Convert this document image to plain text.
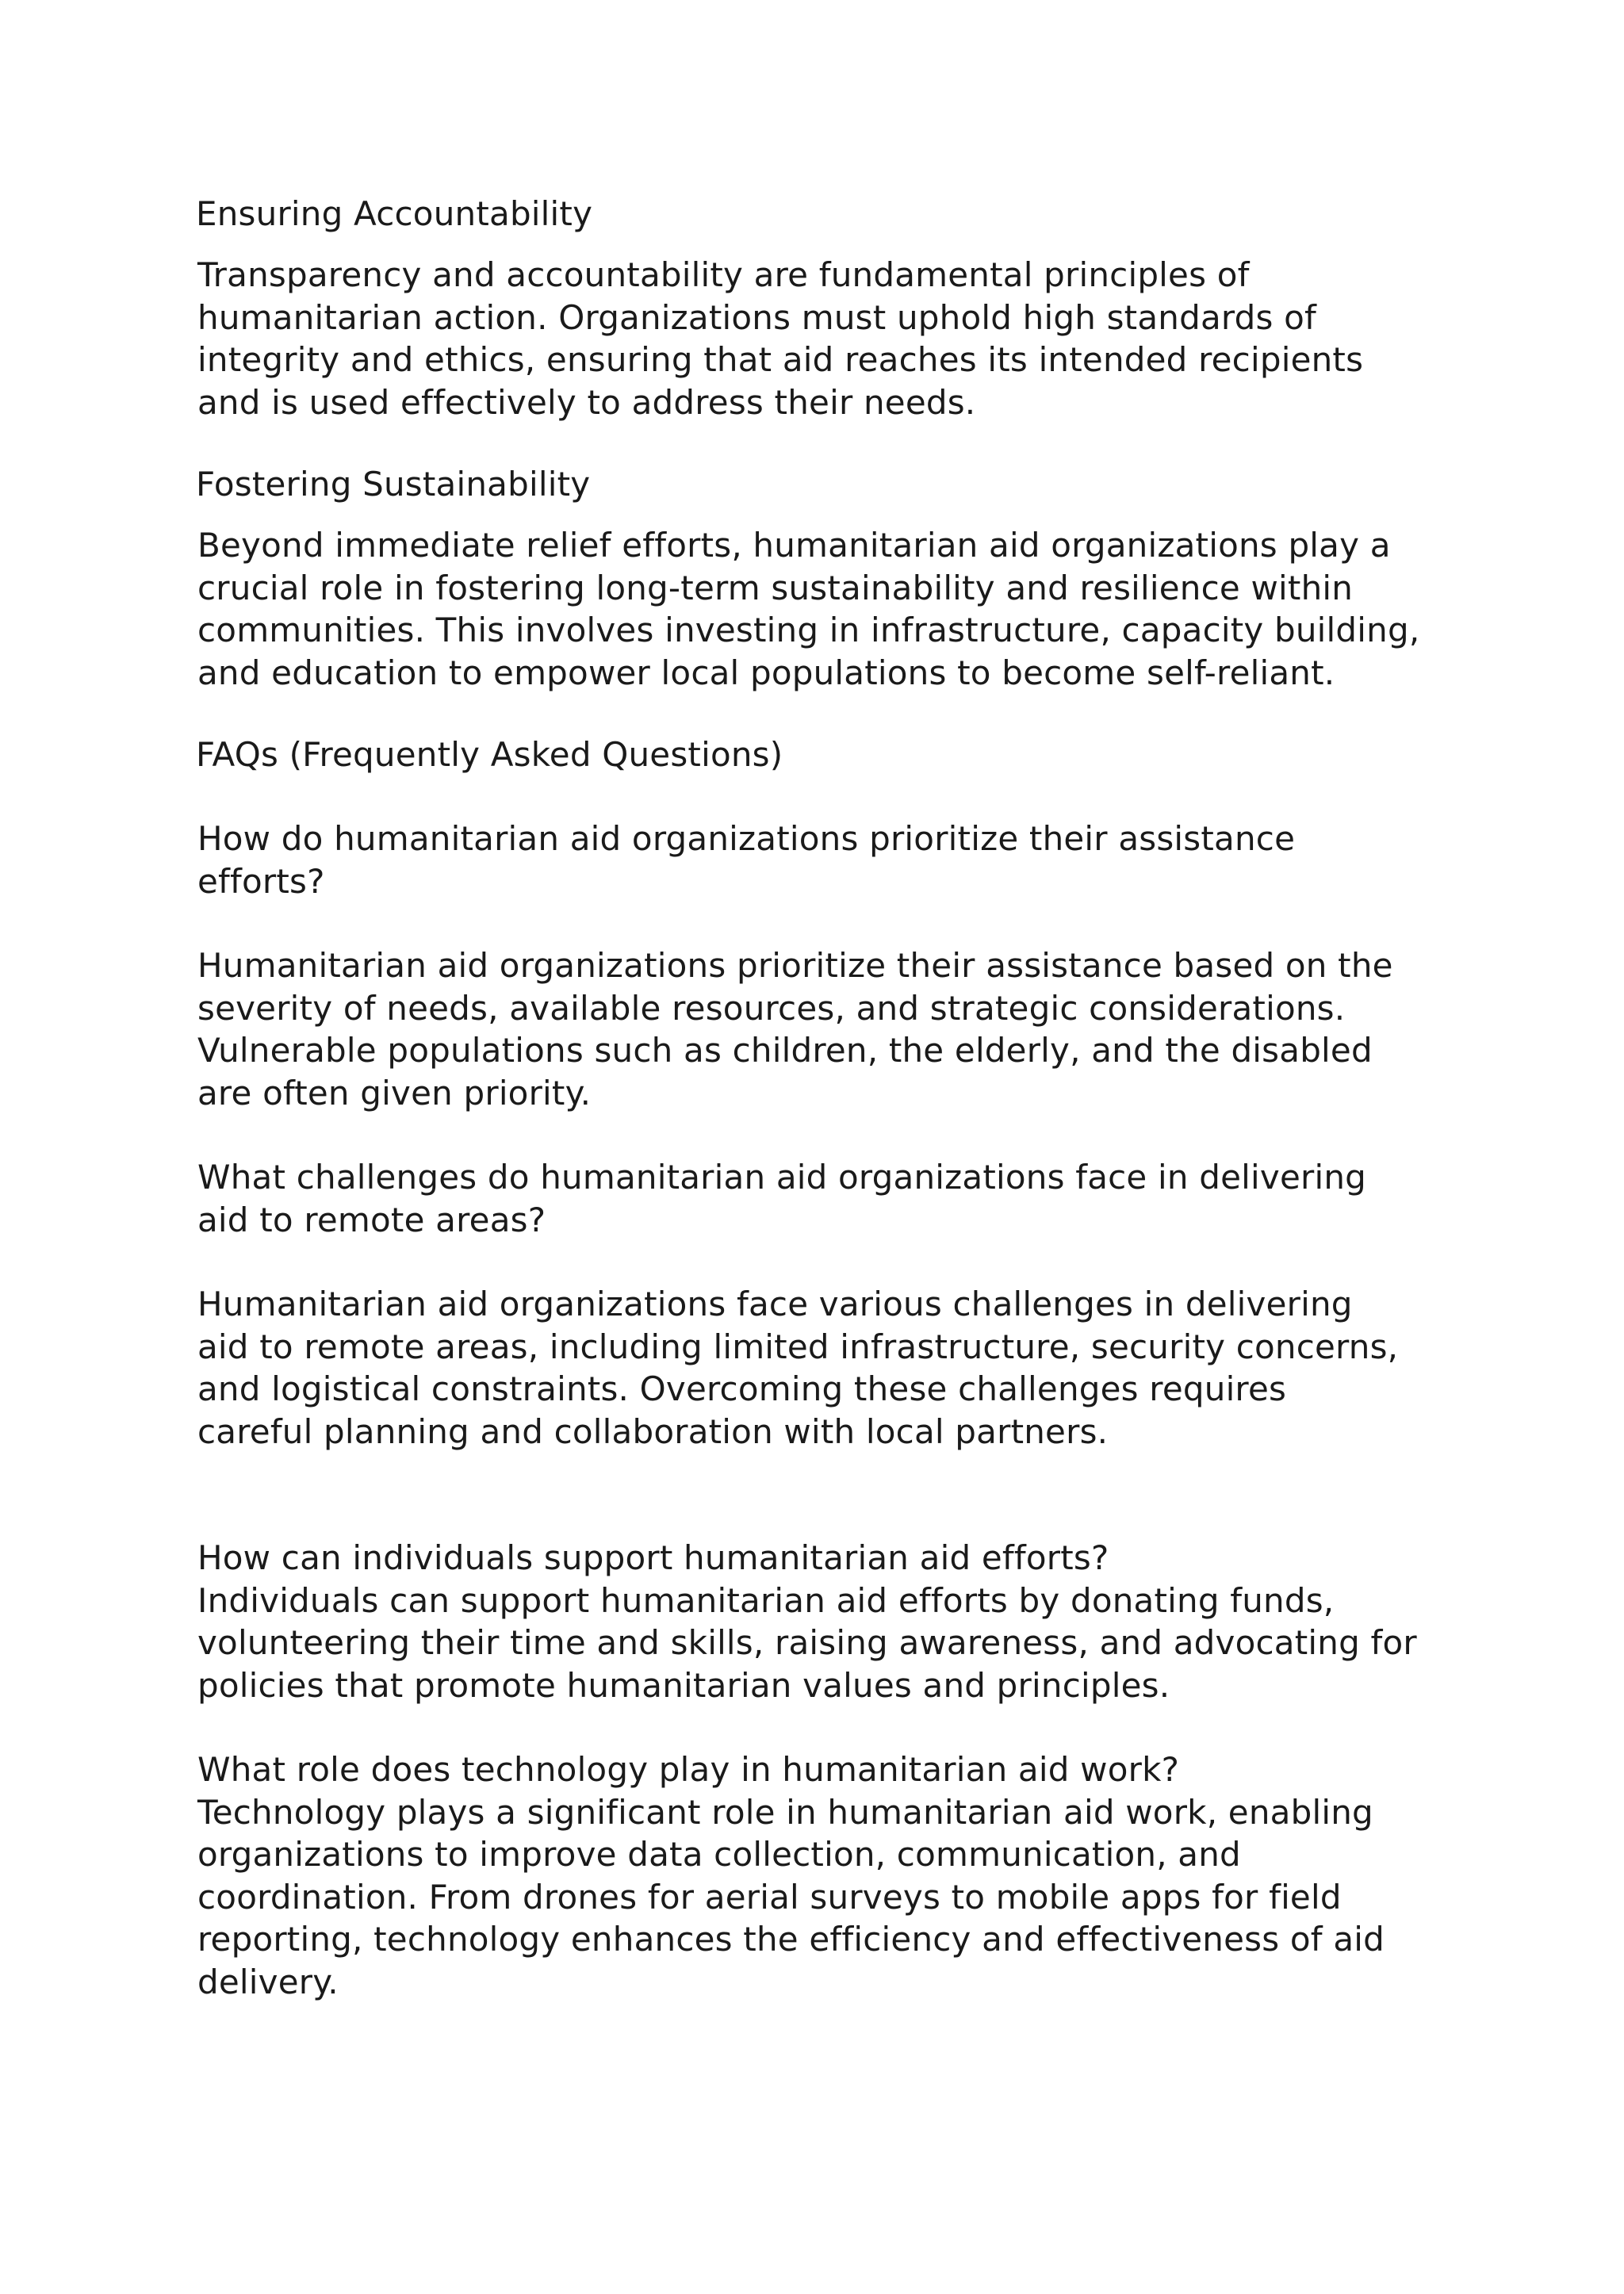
Ensuring Accountability
Transparency and accountability are fundamental principles of
humanitarian action. Organizations must uphold high standards of
integrity and ethics, ensuring that aid reaches its intended recipients
and is used effectively to address their needs.
Fostering Sustainability
Beyond immediate relief efforts, humanitarian aid organizations play a
crucial role in fostering long-term sustainability and resilience within
communities. This involves investing in infrastructure, capacity building,
and education to empower local populations to become self-reliant.
FAQs (Frequently Asked Questions)
How do humanitarian aid organizations prioritize their assistance
efforts?
Humanitarian aid organizations prioritize their assistance based on the
severity of needs, available resources, and strategic considerations.
Vulnerable populations such as children, the elderly, and the disabled
are often given priority.
What challenges do humanitarian aid organizations face in delivering
aid to remote areas?
Humanitarian aid organizations face various challenges in delivering
aid to remote areas, including limited infrastructure, security concerns,
and logistical constraints. Overcoming these challenges requires
careful planning and collaboration with local partners.
How can individuals support humanitarian aid efforts?
Individuals can support humanitarian aid efforts by donating funds,
volunteering their time and skills, raising awareness, and advocating for
policies that promote humanitarian values and principles.
What role does technology play in humanitarian aid work?
Technology plays a significant role in humanitarian aid work, enabling
organizations to improve data collection, communication, and
coordination. From drones for aerial surveys to mobile apps for field
reporting, technology enhances the efficiency and effectiveness of aid
delivery.
